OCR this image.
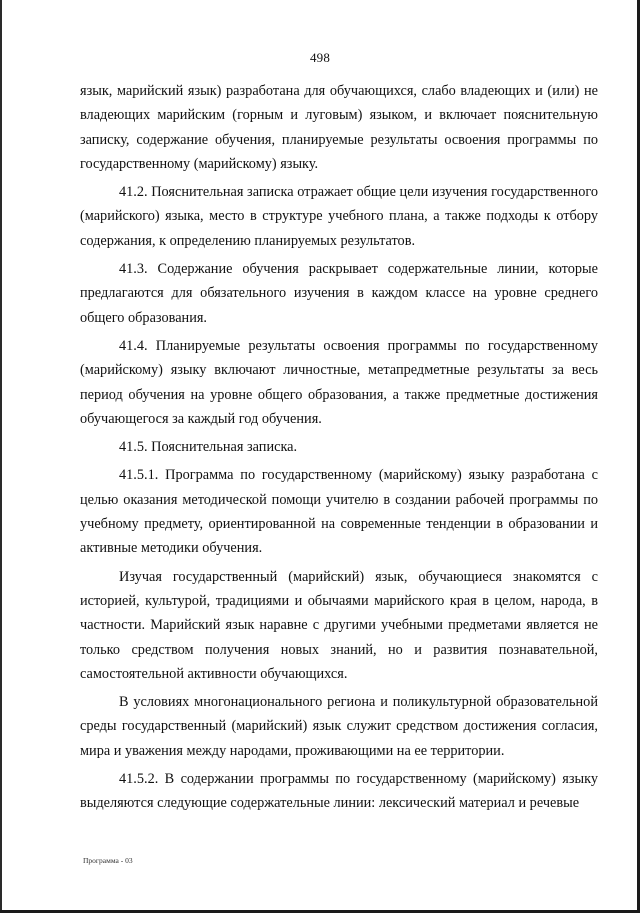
498

язык, марийский язык) разработана для обучающихся, слабо владеющих и (или) не владеющих марийским (горным и луговым) языком, и включает пояснительную записку, содержание обучения, планируемые результаты освоения программы по государственному (марийскому) языку.

41.2. Пояснительная записка отражает общие цели изучения государственного (марийского) языка, место в структуре учебного плана, а также подходы к отбору содержания, к определению планируемых результатов.

41.3. Содержание обучения раскрывает содержательные линии, которые предлагаются для обязательного изучения в каждом классе на уровне среднего общего образования.

41.4. Планируемые результаты освоения программы по государственному (марийскому) языку включают личностные, метапредметные результаты за весь период обучения на уровне общего образования, а также предметные достижения обучающегося за каждый год обучения.

41.5. Пояснительная записка.

41.5.1. Программа по государственному (марийскому) языку разработана с целью оказания методической помощи учителю в создании рабочей программы по учебному предмету, ориентированной на современные тенденции в образовании и активные методики обучения.

Изучая государственный (марийский) язык, обучающиеся знакомятся с историей, культурой, традициями и обычаями марийского края в целом, народа, в частности. Марийский язык наравне с другими учебными предметами является не только средством получения новых знаний, но и развития познавательной, самостоятельной активности обучающихся.

В условиях многонационального региона и поликультурной образовательной среды государственный (марийский) язык служит средством достижения согласия, мира и уважения между народами, проживающими на ее территории.

41.5.2. В содержании программы по государственному (марийскому) языку выделяются следующие содержательные линии: лексический материал и речевые

Программа - 03
